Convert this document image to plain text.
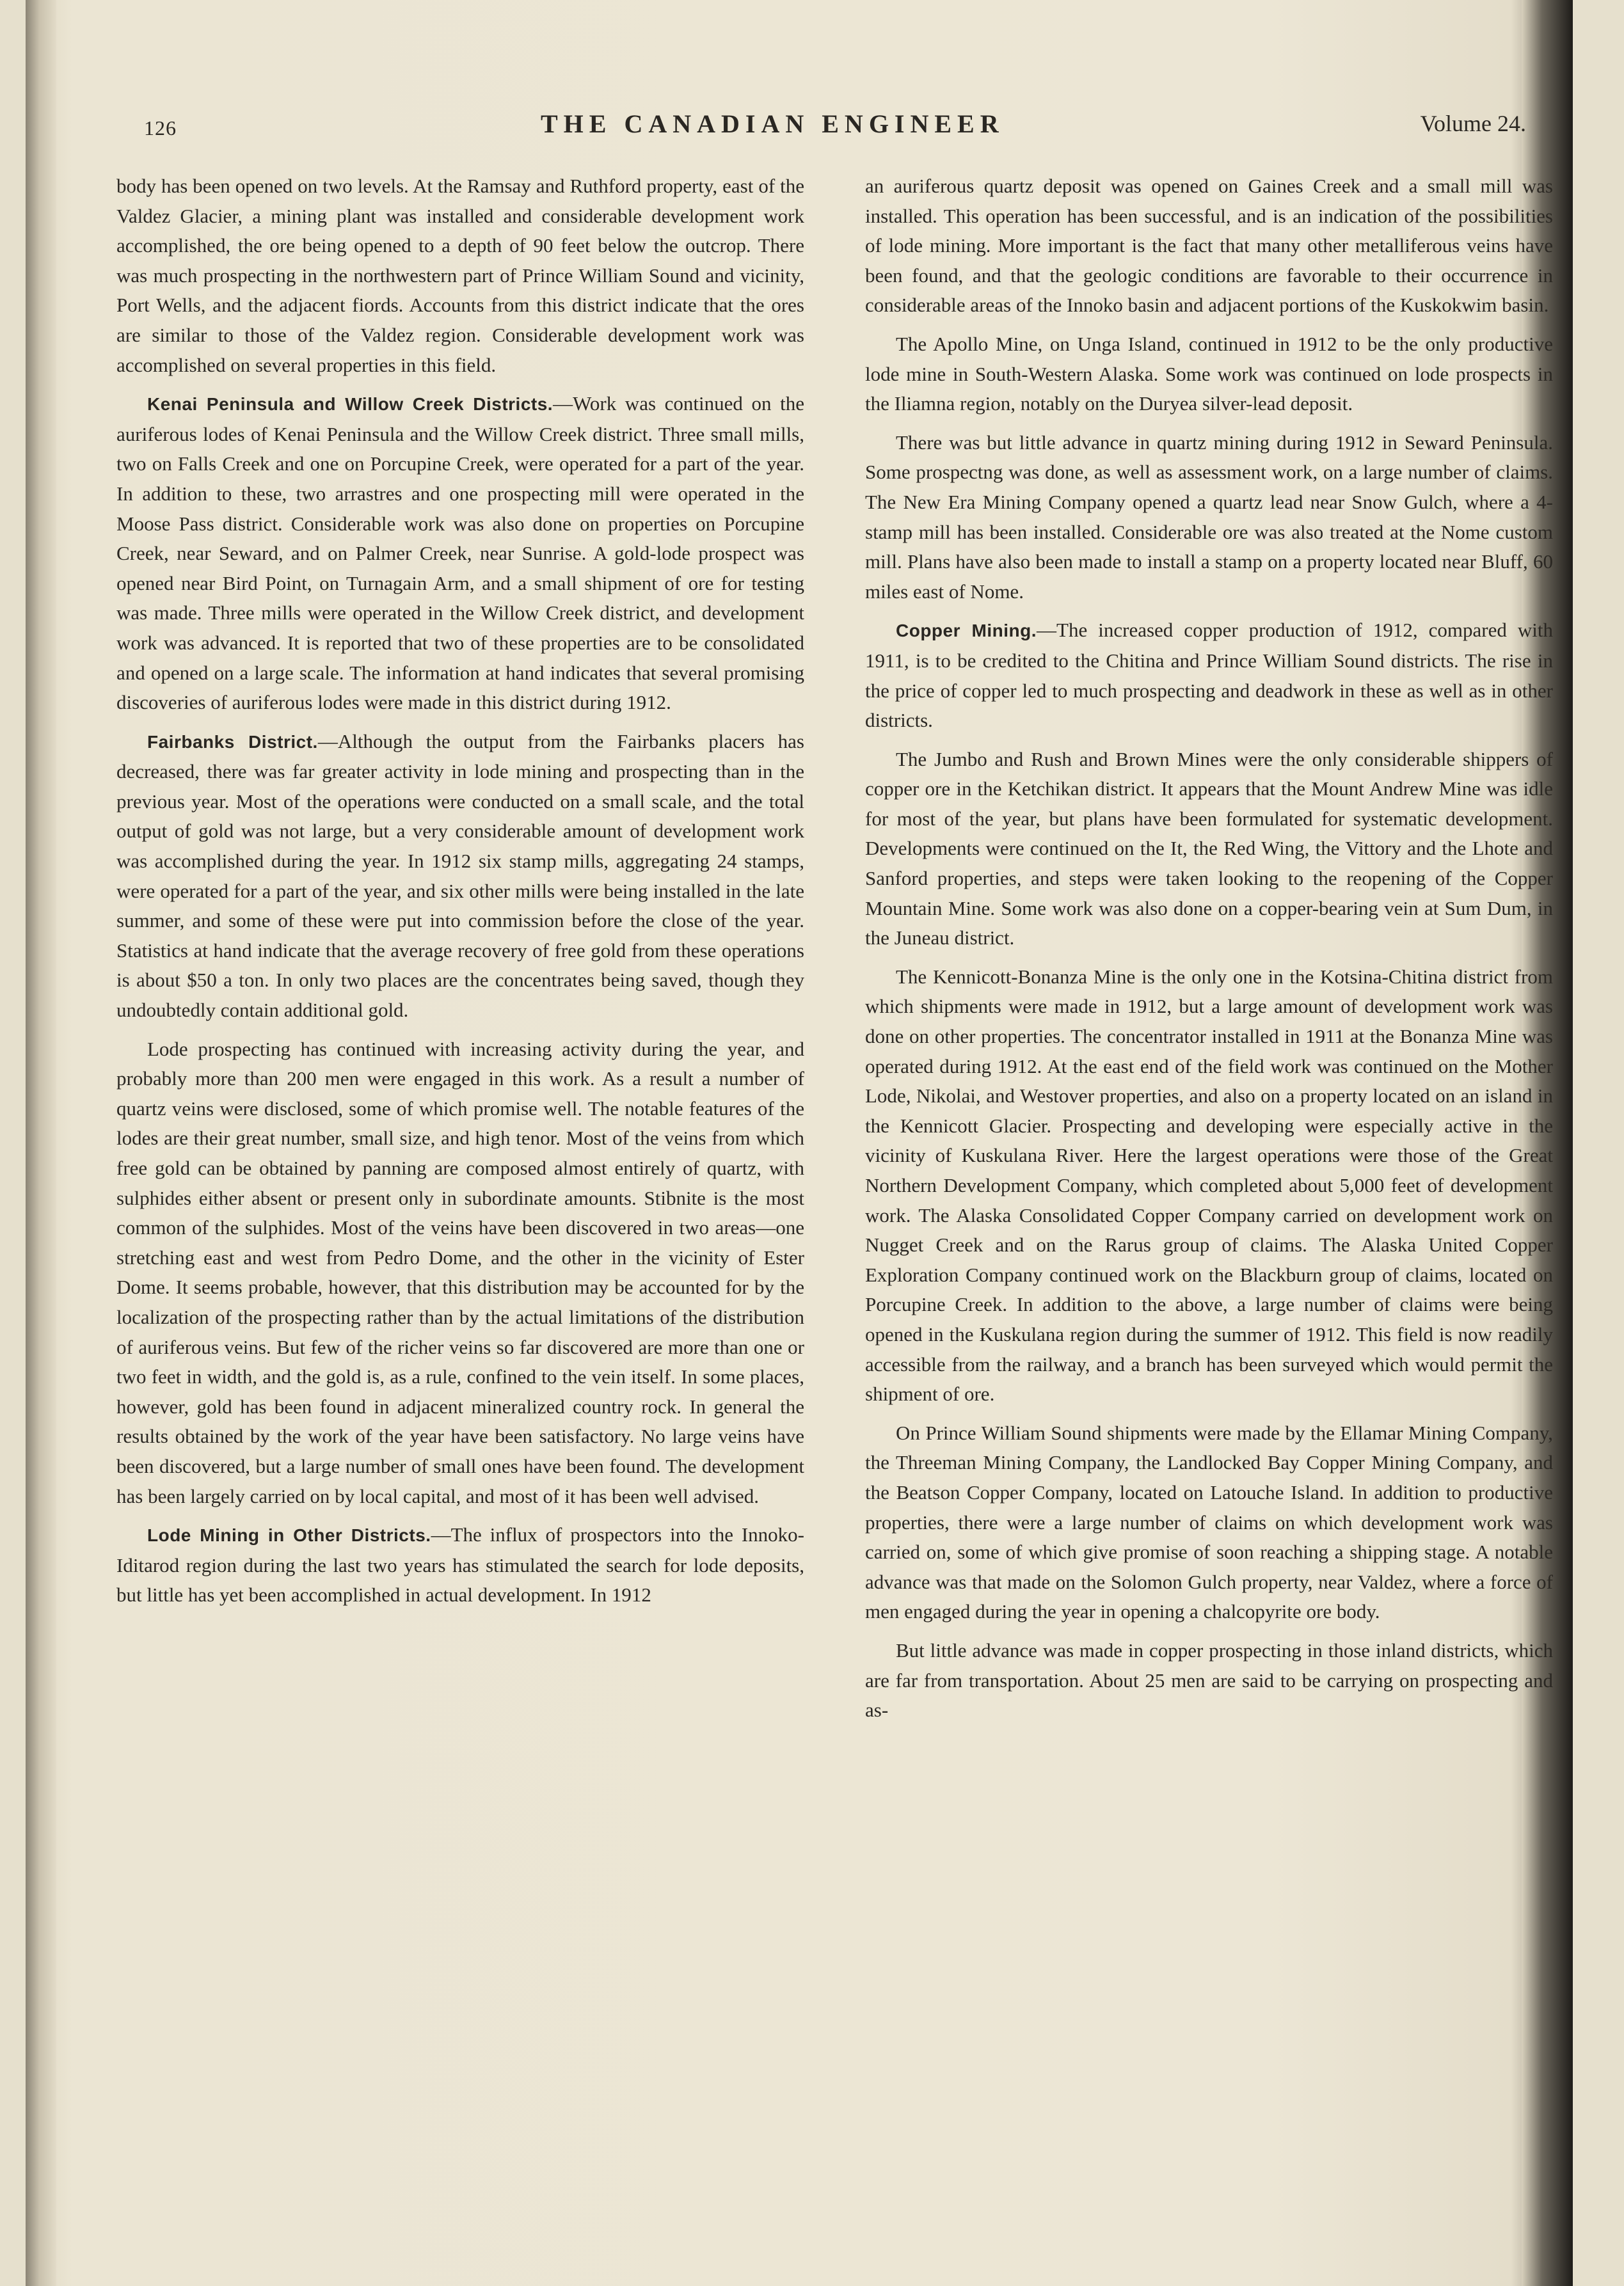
126	THE CANADIAN ENGINEER	Volume 24.

body has been opened on two levels. At the Ramsay and Ruthford property, east of the Valdez Glacier, a mining plant was installed and considerable development work accomplished, the ore being opened to a depth of 90 feet below the outcrop. There was much prospecting in the northwestern part of Prince William Sound and vicinity, Port Wells, and the adjacent fiords. Accounts from this district indicate that the ores are similar to those of the Valdez region. Considerable development work was accomplished on several properties in this field.

Kenai Peninsula and Willow Creek Districts.—Work was continued on the auriferous lodes of Kenai Peninsula and the Willow Creek district. Three small mills, two on Falls Creek and one on Porcupine Creek, were operated for a part of the year. In addition to these, two arrastres and one prospecting mill were operated in the Moose Pass district. Considerable work was also done on properties on Porcupine Creek, near Seward, and on Palmer Creek, near Sunrise. A gold-lode prospect was opened near Bird Point, on Turnagain Arm, and a small shipment of ore for testing was made. Three mills were operated in the Willow Creek district, and development work was advanced. It is reported that two of these properties are to be consolidated and opened on a large scale. The information at hand indicates that several promising discoveries of auriferous lodes were made in this district during 1912.

Fairbanks District.—Although the output from the Fairbanks placers has decreased, there was far greater activity in lode mining and prospecting than in the previous year. Most of the operations were conducted on a small scale, and the total output of gold was not large, but a very considerable amount of development work was accomplished during the year. In 1912 six stamp mills, aggregating 24 stamps, were operated for a part of the year, and six other mills were being installed in the late summer, and some of these were put into commission before the close of the year. Statistics at hand indicate that the average recovery of free gold from these operations is about $50 a ton. In only two places are the concentrates being saved, though they undoubtedly contain additional gold.

Lode prospecting has continued with increasing activity during the year, and probably more than 200 men were engaged in this work. As a result a number of quartz veins were disclosed, some of which promise well. The notable features of the lodes are their great number, small size, and high tenor. Most of the veins from which free gold can be obtained by panning are composed almost entirely of quartz, with sulphides either absent or present only in subordinate amounts. Stibnite is the most common of the sulphides. Most of the veins have been discovered in two areas—one stretching east and west from Pedro Dome, and the other in the vicinity of Ester Dome. It seems probable, however, that this distribution may be accounted for by the localization of the prospecting rather than by the actual limitations of the distribution of auriferous veins. But few of the richer veins so far discovered are more than one or two feet in width, and the gold is, as a rule, confined to the vein itself. In some places, however, gold has been found in adjacent mineralized country rock. In general the results obtained by the work of the year have been satisfactory. No large veins have been discovered, but a large number of small ones have been found. The development has been largely carried on by local capital, and most of it has been well advised.

Lode Mining in Other Districts.—The influx of prospectors into the Innoko-Iditarod region during the last two years has stimulated the search for lode deposits, but little has yet been accomplished in actual development. In 1912

an auriferous quartz deposit was opened on Gaines Creek and a small mill was installed. This operation has been successful, and is an indication of the possibilities of lode mining. More important is the fact that many other metalliferous veins have been found, and that the geologic conditions are favorable to their occurrence in considerable areas of the Innoko basin and adjacent portions of the Kuskokwim basin.

The Apollo Mine, on Unga Island, continued in 1912 to be the only productive lode mine in South-Western Alaska. Some work was continued on lode prospects in the Iliamna region, notably on the Duryea silver-lead deposit.

There was but little advance in quartz mining during 1912 in Seward Peninsula. Some prospectng was done, as well as assessment work, on a large number of claims. The New Era Mining Company opened a quartz lead near Snow Gulch, where a 4-stamp mill has been installed. Considerable ore was also treated at the Nome custom mill. Plans have also been made to install a stamp on a property located near Bluff, 60 miles east of Nome.

Copper Mining.—The increased copper production of 1912, compared with 1911, is to be credited to the Chitina and Prince William Sound districts. The rise in the price of copper led to much prospecting and deadwork in these as well as in other districts.

The Jumbo and Rush and Brown Mines were the only considerable shippers of copper ore in the Ketchikan district. It appears that the Mount Andrew Mine was idle for most of the year, but plans have been formulated for systematic development. Developments were continued on the It, the Red Wing, the Vittory and the Lhote and Sanford properties, and steps were taken looking to the reopening of the Copper Mountain Mine. Some work was also done on a copper-bearing vein at Sum Dum, in the Juneau district.

The Kennicott-Bonanza Mine is the only one in the Kotsina-Chitina district from which shipments were made in 1912, but a large amount of development work was done on other properties. The concentrator installed in 1911 at the Bonanza Mine was operated during 1912. At the east end of the field work was continued on the Mother Lode, Nikolai, and Westover properties, and also on a property located on an island in the Kennicott Glacier. Prospecting and developing were especially active in the vicinity of Kuskulana River. Here the largest operations were those of the Great Northern Development Company, which completed about 5,000 feet of development work. The Alaska Consolidated Copper Company carried on development work on Nugget Creek and on the Rarus group of claims. The Alaska United Copper Exploration Company continued work on the Blackburn group of claims, located on Porcupine Creek. In addition to the above, a large number of claims were being opened in the Kuskulana region during the summer of 1912. This field is now readily accessible from the railway, and a branch has been surveyed which would permit the shipment of ore.

On Prince William Sound shipments were made by the Ellamar Mining Company, the Threeman Mining Company, the Landlocked Bay Copper Mining Company, and the Beatson Copper Company, located on Latouche Island. In addition to productive properties, there were a large number of claims on which development work was carried on, some of which give promise of soon reaching a shipping stage. A notable advance was that made on the Solomon Gulch property, near Valdez, where a force of men engaged during the year in opening a chalcopyrite ore body.

But little advance was made in copper prospecting in those inland districts, which are far from transportation. About 25 men are said to be carrying on prospecting and as-
